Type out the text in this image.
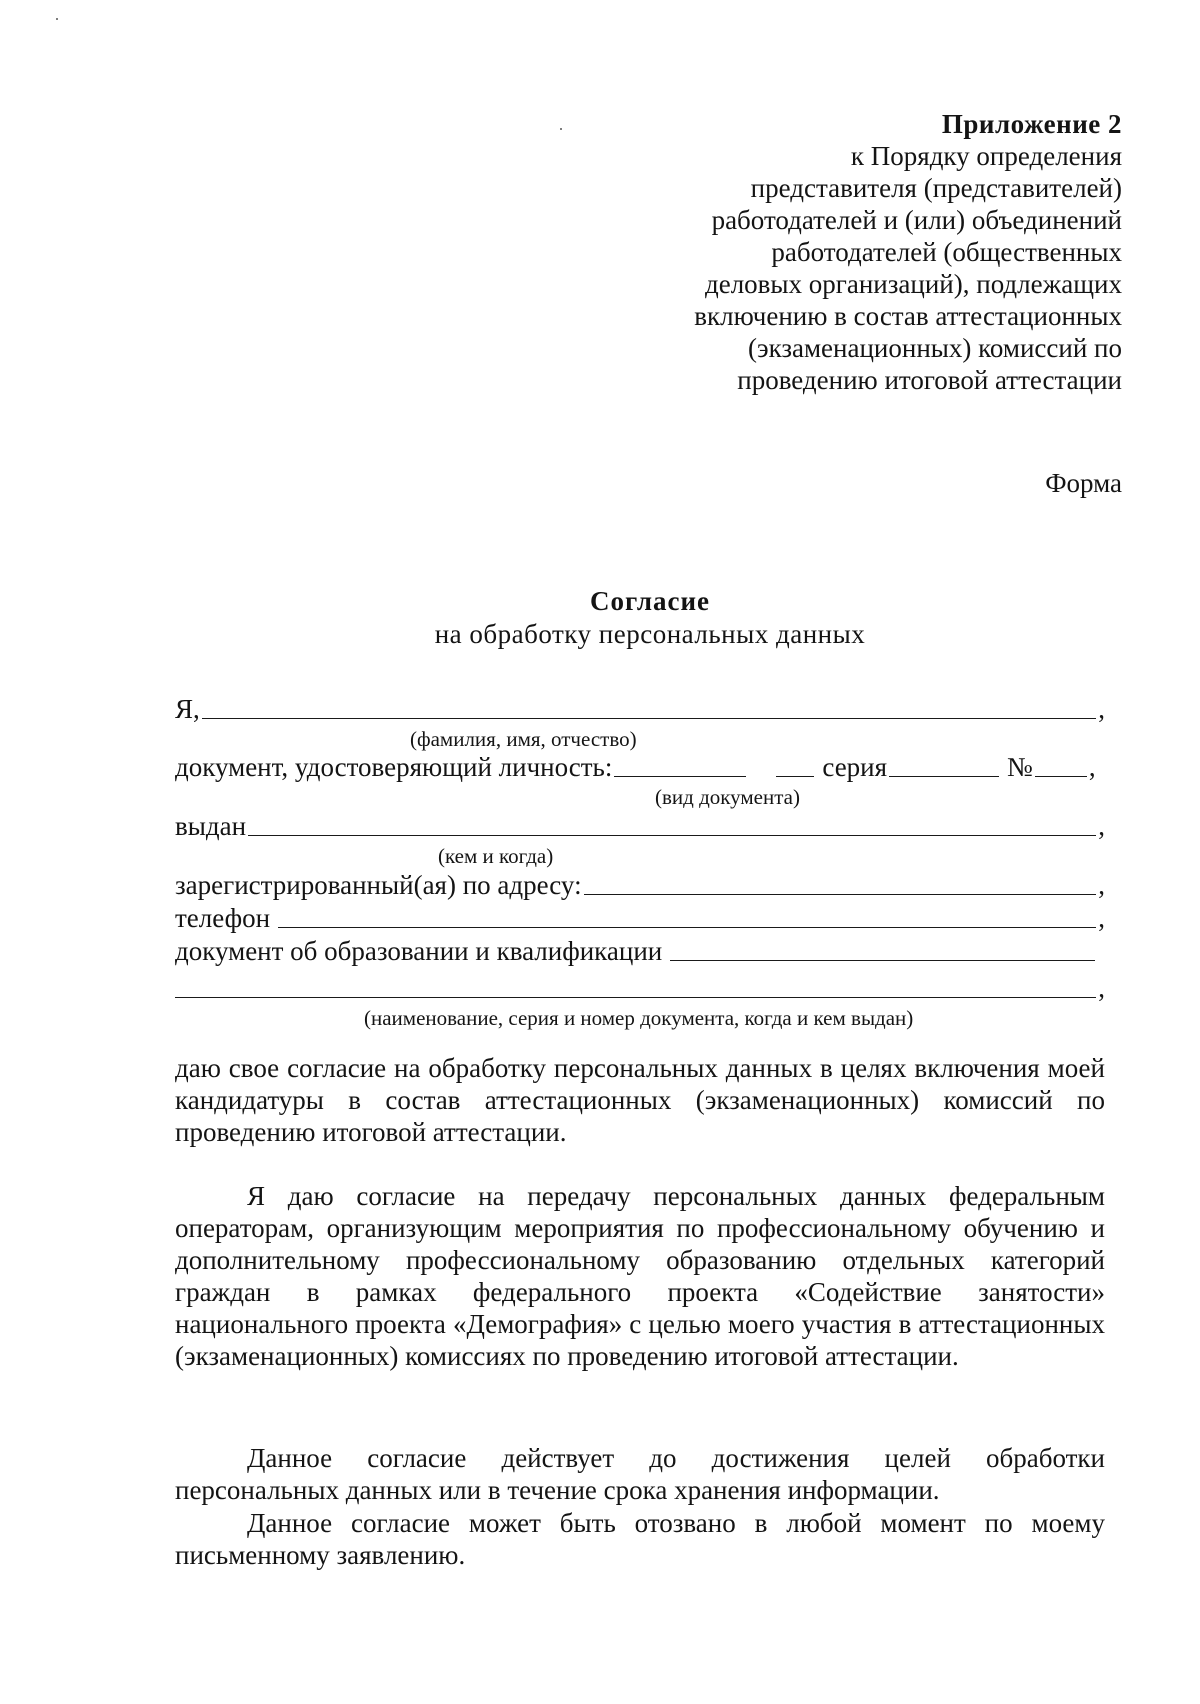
Приложение 2
к Порядку определения
представителя (представителей)
работодателей и (или) объединений
работодателей (общественных
деловых организаций), подлежащих
включению в состав аттестационных
(экзаменационных) комиссий по
проведению итоговой аттестации
Форма
Согласие
на обработку персональных данных
Я,	,
(фамилия, имя, отчество)
документ, удостоверяющий личность:	серия	№ ,
(вид документа)
выдан	,
(кем и когда)
зарегистрированный(ая) по адресу:	,
телефон	,
документ об образовании и квалификации
,
(наименование, серия и номер документа, когда и кем выдан)

даю свое согласие на обработку персональных данных в целях включения моей кандидатуры в состав аттестационных (экзаменационных) комиссий по проведению итоговой аттестации.

Я даю согласие на передачу персональных данных федеральным операторам, организующим мероприятия по профессиональному обучению и дополнительному профессиональному образованию отдельных категорий граждан в рамках федерального проекта «Содействие занятости» национального проекта «Демография» с целью моего участия в аттестационных (экзаменационных) комиссиях по проведению итоговой аттестации.

Данное согласие действует до достижения целей обработки персональных данных или в течение срока хранения информации.

Данное согласие может быть отозвано в любой момент по моему письменному заявлению.
